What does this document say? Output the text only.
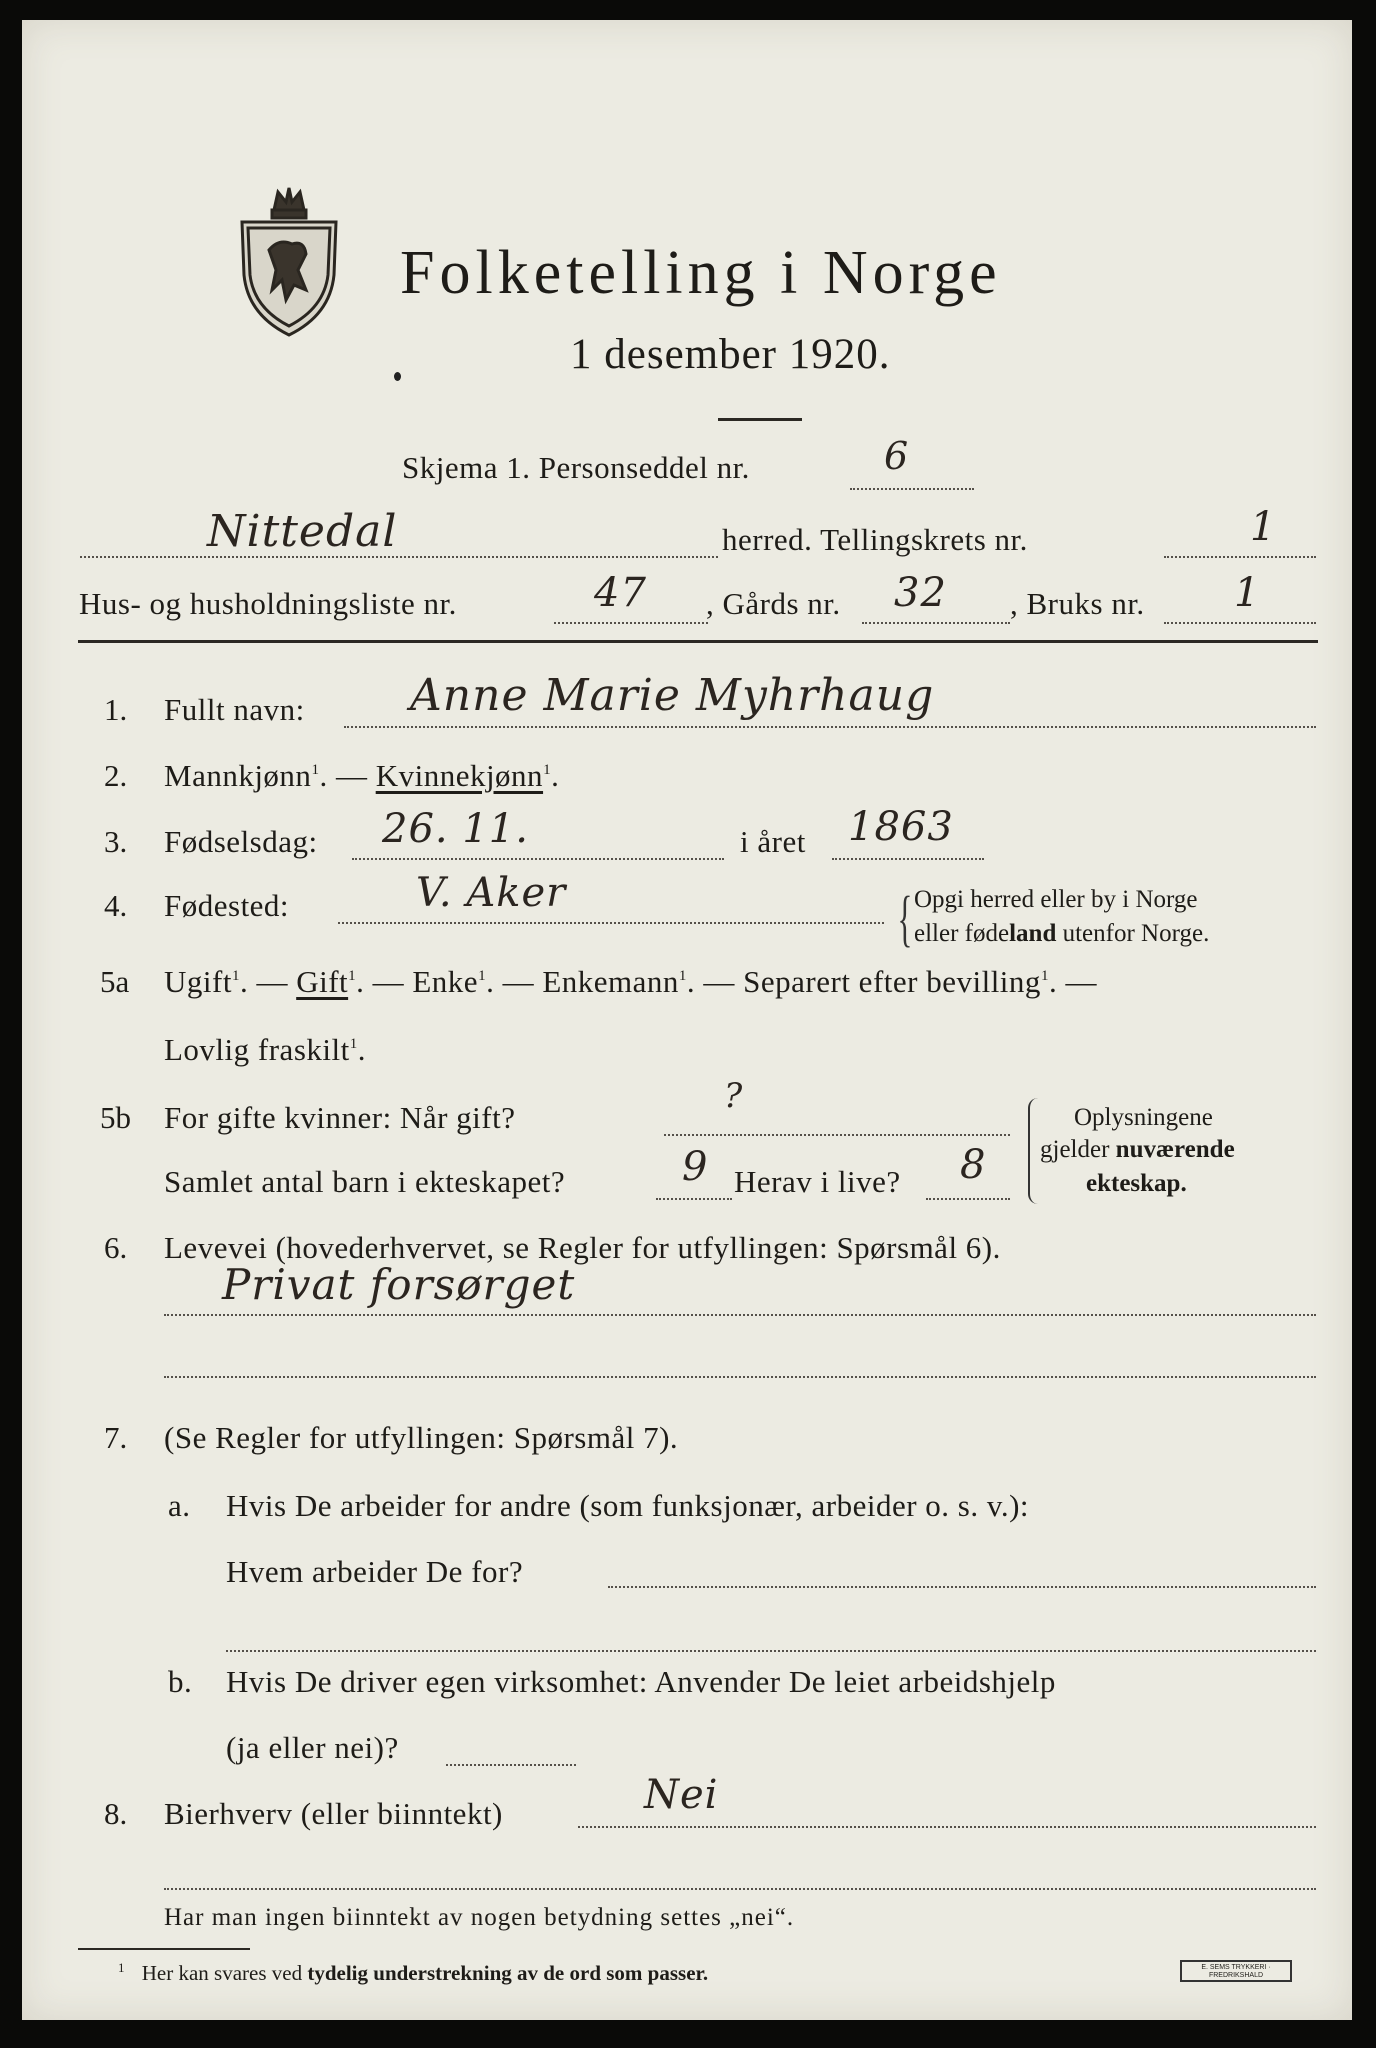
Folketelling i Norge
1 desember 1920.
Skjema 1. Personseddel nr.	6
Nittedal	herred. Tellingskrets nr.	1
Hus- og husholdningsliste nr.	47 , Gårds nr. 32 , Bruks nr. 1
1. Fullt navn: Anne Marie Myhrhaug
2. Mannkjønn$^1$. — Kvinnekjønn$^1$.
3. Fødselsdag: 26. 11.	i året 1863
4. Fødested:	V. Aker	{ Opgi herred eller by i Norge
eller fødeland utenfor Norge.
5a Ugift$^1$. — Gift$^1$. — Enke$^1$. — Enkemann$^1$. — Separert efter bevilling$^1$. —
Lovlig fraskilt$^1$.
5b For gifte kvinner: Når gift?
?
Samlet antal barn i ekteskapet?	9 Herav i live? 8
Oplysningene
gjelder nuværende
ekteskap.
6. Levevei (hovederhvervet, se Regler for utfyllingen: Spørsmål 6).
Privat forsørget
7. (Se Regler for utfyllingen: Spørsmål 7).
a. Hvis De arbeider for andre (som funksjonær, arbeider o. s. v.):
Hvem arbeider De for?
b. Hvis De driver egen virksomhet: Anvender De leiet arbeidshjelp
(ja eller nei)?
8. Bierhverv (eller biinntekt)	Nei
Har man ingen biinntekt av nogen betydning settes „nei“.
$^1$ Her kan svares ved tydelig understrekning av de ord som passer.	E. SEMS TRYKKERI · FREDRIKSHALD
